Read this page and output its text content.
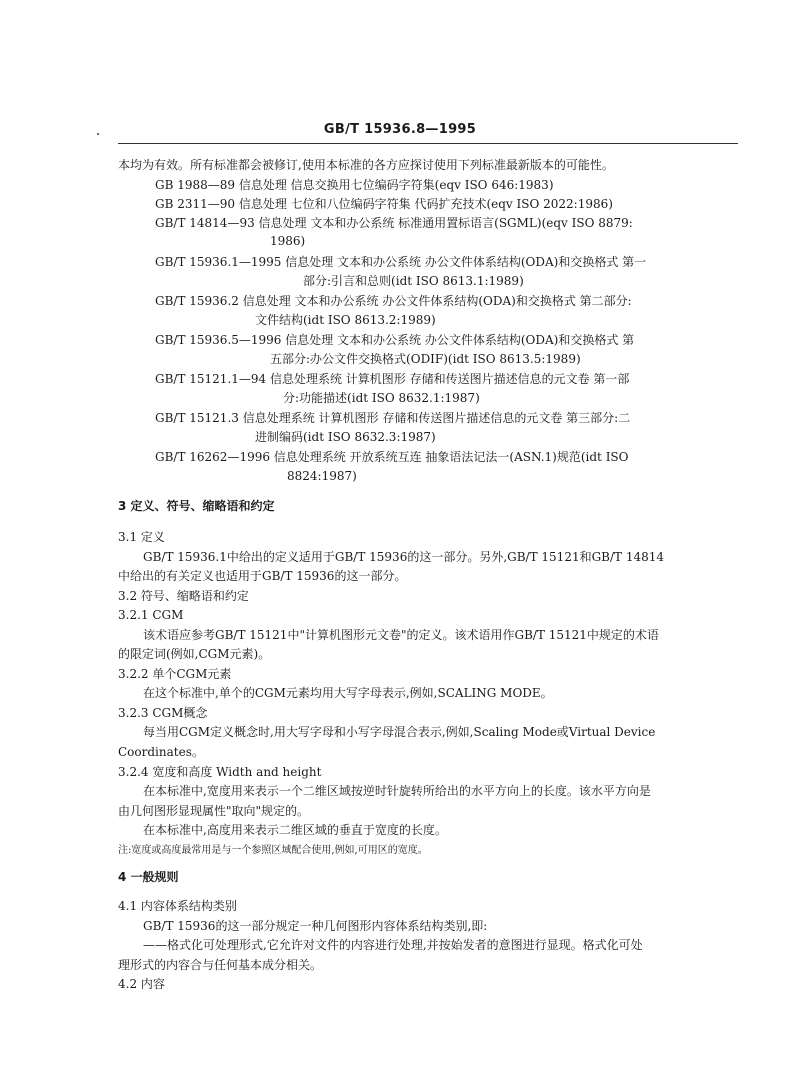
GB/T 15936.8—1995
本均为有效。所有标准都会被修订,使用本标准的各方应探讨使用下列标准最新版本的可能性。
GB 1988—89 信息处理 信息交换用七位编码字符集(eqv ISO 646:1983)
GB 2311—90 信息处理 七位和八位编码字符集 代码扩充技术(eqv ISO 2022:1986)
GB/T 14814—93 信息处理 文本和办公系统 标准通用置标语言(SGML)(eqv ISO 8879:
1986)
GB/T 15936.1—1995 信息处理 文本和办公系统 办公文件体系结构(ODA)和交换格式 第一
部分:引言和总则(idt ISO 8613.1:1989)
GB/T 15936.2 信息处理 文本和办公系统 办公文件体系结构(ODA)和交换格式 第二部分:
文件结构(idt ISO 8613.2:1989)
GB/T 15936.5—1996 信息处理 文本和办公系统 办公文件体系结构(ODA)和交换格式 第
五部分:办公文件交换格式(ODIF)(idt ISO 8613.5:1989)
GB/T 15121.1—94 信息处理系统 计算机图形 存储和传送图片描述信息的元文卷 第一部
分:功能描述(idt ISO 8632.1:1987)
GB/T 15121.3 信息处理系统 计算机图形 存储和传送图片描述信息的元文卷 第三部分:二
进制编码(idt ISO 8632.3:1987)
GB/T 16262—1996 信息处理系统 开放系统互连 抽象语法记法一(ASN.1)规范(idt ISO
8824:1987)
3 定义、符号、缩略语和约定
3.1 定义
GB/T 15936.1中给出的定义适用于GB/T 15936的这一部分。另外,GB/T 15121和GB/T 14814
中给出的有关定义也适用于GB/T 15936的这一部分。
3.2 符号、缩略语和约定
3.2.1 CGM
该术语应参考GB/T 15121中"计算机图形元文卷"的定义。该术语用作GB/T 15121中规定的术语
的限定词(例如,CGM元素)。
3.2.2 单个CGM元素
在这个标准中,单个的CGM元素均用大写字母表示,例如,SCALING MODE。
3.2.3 CGM概念
每当用CGM定义概念时,用大写字母和小写字母混合表示,例如,Scaling Mode或Virtual Device
Coordinates。
3.2.4 宽度和高度 Width and height
在本标准中,宽度用来表示一个二维区域按逆时针旋转所给出的水平方向上的长度。该水平方向是
由几何图形显现属性"取向"规定的。
在本标准中,高度用来表示二维区域的垂直于宽度的长度。
注:宽度或高度最常用是与一个参照区域配合使用,例如,可用区的宽度。
4 一般规则
4.1 内容体系结构类别
GB/T 15936的这一部分规定一种几何图形内容体系结构类别,即:
——格式化可处理形式,它允许对文件的内容进行处理,并按始发者的意图进行显现。格式化可处
理形式的内容合与任何基本成分相关。
4.2 内容
